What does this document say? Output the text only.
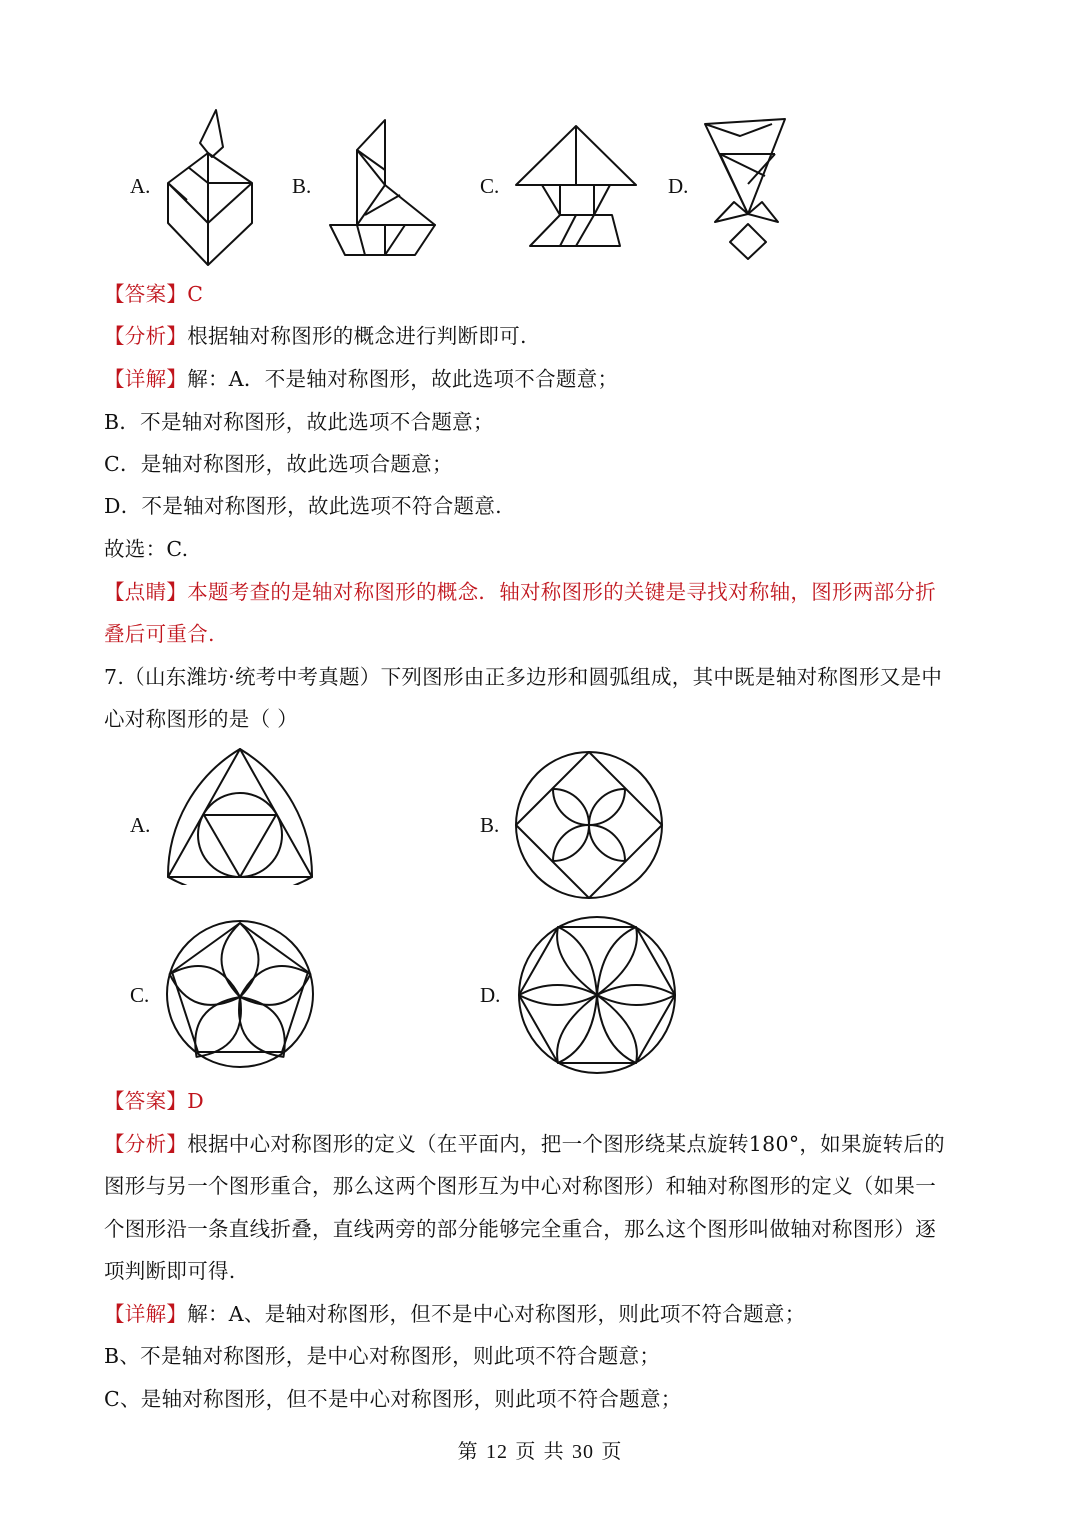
A.	B.	C.	D.
【答案】C
【分析】根据轴对称图形的概念进行判断即可.
【详解】解：A．不是轴对称图形，故此选项不合题意；
B．不是轴对称图形，故此选项不合题意；
C．是轴对称图形，故此选项合题意；
D．不是轴对称图形，故此选项不符合题意.
故选：C.
【点睛】本题考查的是轴对称图形的概念．轴对称图形的关键是寻找对称轴，图形两部分折
叠后可重合.
7.（山东潍坊·统考中考真题）下列图形由正多边形和圆弧组成，其中既是轴对称图形又是中
心对称图形的是（ ）
A.	B.
C.	D.
【答案】D
【分析】根据中心对称图形的定义（在平面内，把一个图形绕某点旋转180°，如果旋转后的
图形与另一个图形重合，那么这两个图形互为中心对称图形）和轴对称图形的定义（如果一
个图形沿一条直线折叠，直线两旁的部分能够完全重合，那么这个图形叫做轴对称图形）逐
项判断即可得.
【详解】解：A、是轴对称图形，但不是中心对称图形，则此项不符合题意；
B、不是轴对称图形，是中心对称图形，则此项不符合题意；
C、是轴对称图形，但不是中心对称图形，则此项不符合题意；
第 12 页 共 30 页
